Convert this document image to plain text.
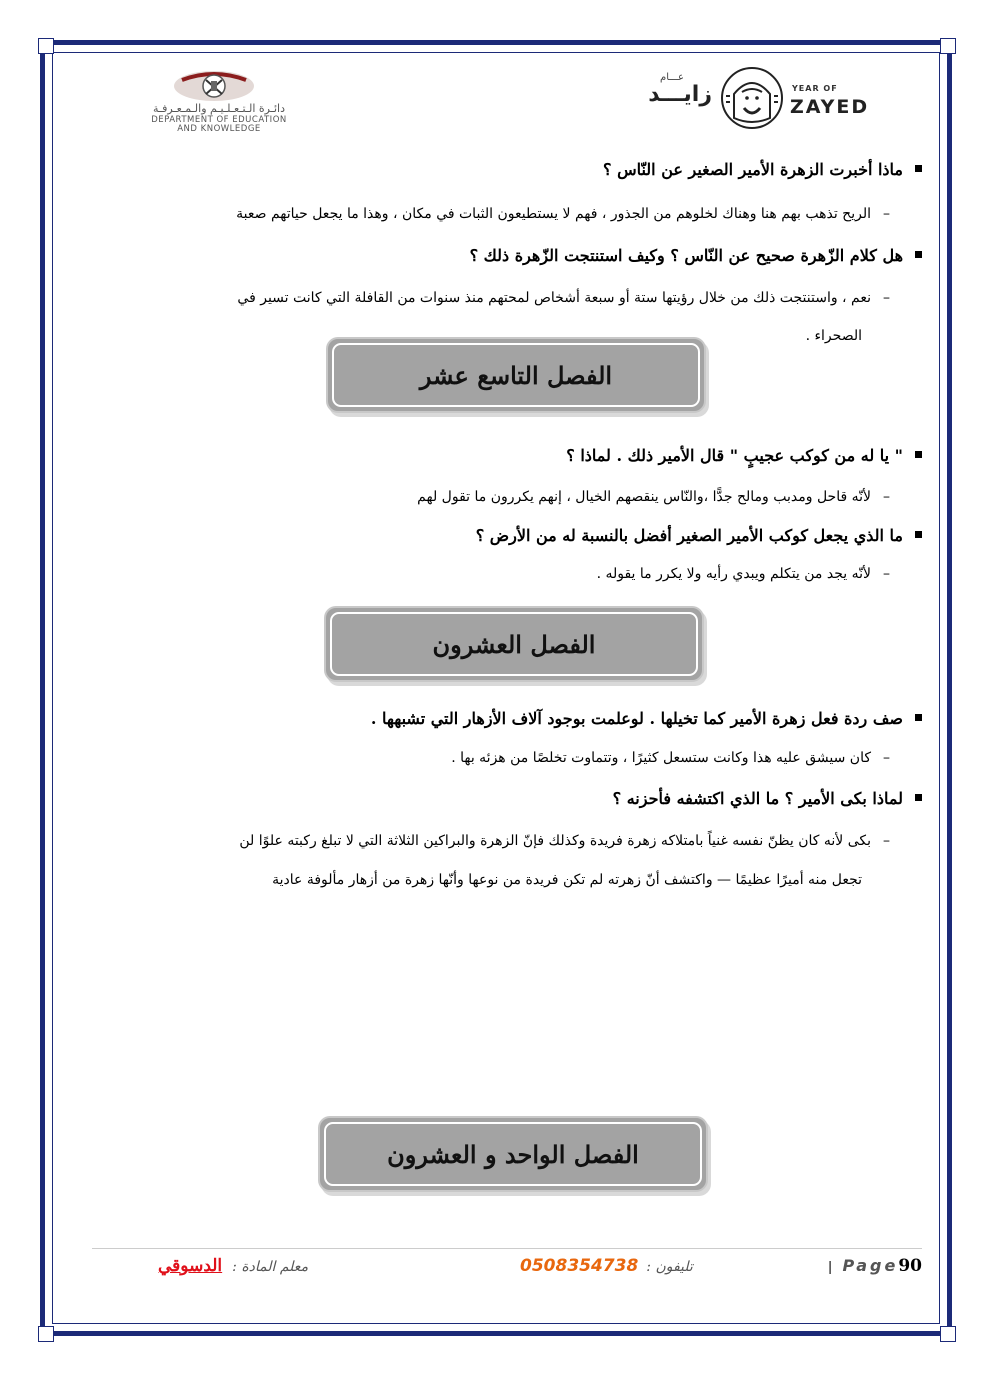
دائـرة الـتـعـلـيـم والـمـعـرفـة
DEPARTMENT OF EDUCATION
AND KNOWLEDGE
عـــام
زايـــد	YEAR OF
ZAYED
ماذا أخبرت الزهرة الأمير الصغير عن النّاس ؟
–الريح تذهب بهم هنا وهناك لخلوهم من الجذور ، فهم لا يستطيعون الثبات في مكان ، وهذا ما يجعل حياتهم صعبة
هل كلام الزّهرة صحيح عن النّاس ؟ وكيف استنتجت الزّهرة ذلك ؟
–نعم ، واستنتجت ذلك من خلال رؤيتها ستة أو سبعة أشخاص لمحتهم منذ سنوات من القافلة التي كانت تسير في
الصحراء .
الفصل التاسع عشر
" يا له من كوكب عجيبٍ " قال الأمير ذلك . لماذا ؟
–لأنّه قاحل ومدبب ومالح جدًّا ،والنّاس ينقصهم الخيال ، إنهم يكررون ما تقول لهم
ما الذي يجعل كوكب الأمير الصغير أفضل بالنسبة له من الأرض ؟
–لأنّه يجد من يتكلم ويبدي رأيه ولا يكرر ما يقوله .
الفصل العشرون
صف ردة فعل زهرة الأمير كما تخيلها . لوعلمت بوجود آلاف الأزهار التي تشبهها .
–كان سيشق عليه هذا وكانت ستسعل كثيرًا ، وتتماوت تخلصًا من هزئه بها .
لماذا بكى الأمير ؟ ما الذي اكتشفه فأحزنه ؟
–بكى لأنه كان يظنّ نفسه غنياً بامتلاكه زهرة فريدة وكذلك فإنّ الزهرة والبراكين الثلاثة التي لا تبلغ ركبته علوًا لن
تجعل منه أميرًا عظيمًا — واكتشف أنّ زهرته لم تكن فريدة من نوعها وأنّها زهرة من أزهار مألوفة عادية
الفصل الواحد و العشرون
| Page90
تليفون :0508354738
معلم المادة :الدسوقي
